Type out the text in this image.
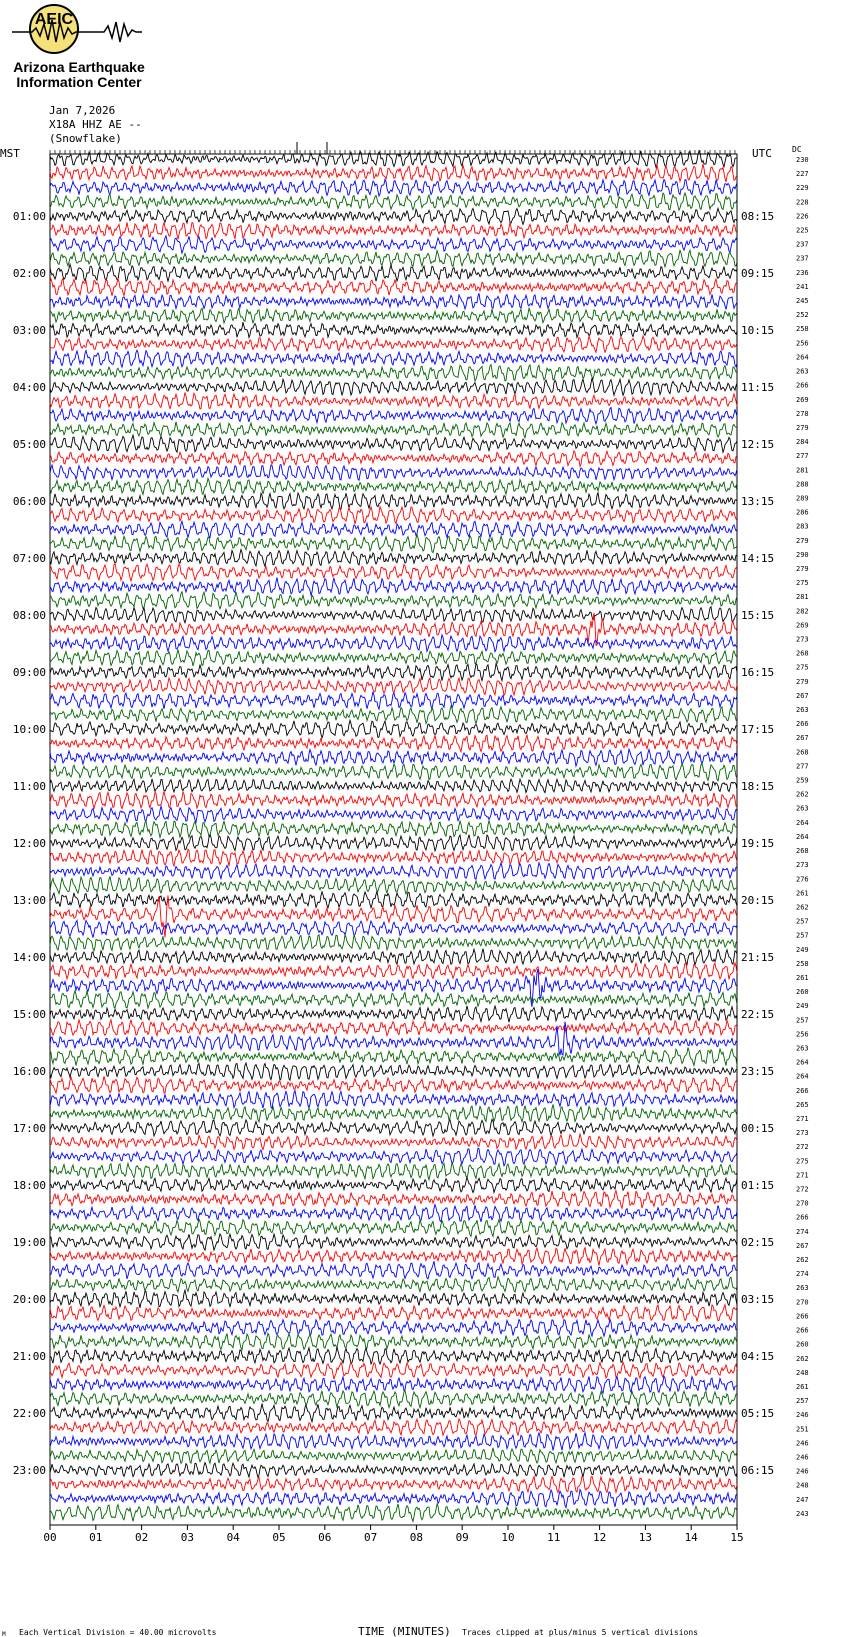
AEIC
Arizona Earthquake
Information Center
Jan 7,2026
X18A HHZ AE --
(Snowflake)
MST	UTC	DC
01:00
02:00
03:00
04:00
05:00
06:00
07:00
08:00
09:00
10:00
11:00
12:00
13:00
14:00
15:00
16:00
17:00
18:00
19:00
20:00
21:00
22:00
23:00
08:15
09:15
10:15
11:15
12:15
13:15
14:15
15:15
16:15
17:15
18:15
19:15
20:15
21:15
22:15
23:15
00:15
01:15
02:15
03:15
04:15
05:15
06:15
230
227
229
228
226
225
237
237
236
241
245
252
258
256
264
263
266
269
278
279
284
277
281
288
289
286
283
279
290
279
275
281
282
269
273
268
275
279
267
263
266
267
268
277
259
262
263
264
264
268
273
276
261
262
257
257
249
258
261
260
249
257
256
263
264
264
266
265
271
273
272
275
271
272
270
266
274
267
262
274
263
270
266
266
260
262
248
261
257
246
251
246
246
246
248
247
243
00	01	02	03	04	05	06	07	08	09	10	11	12	13	14	15
M Each Vertical Division = 40.00 microvolts	TIME (MINUTES) Traces clipped at plus/minus 5 vertical divisions
